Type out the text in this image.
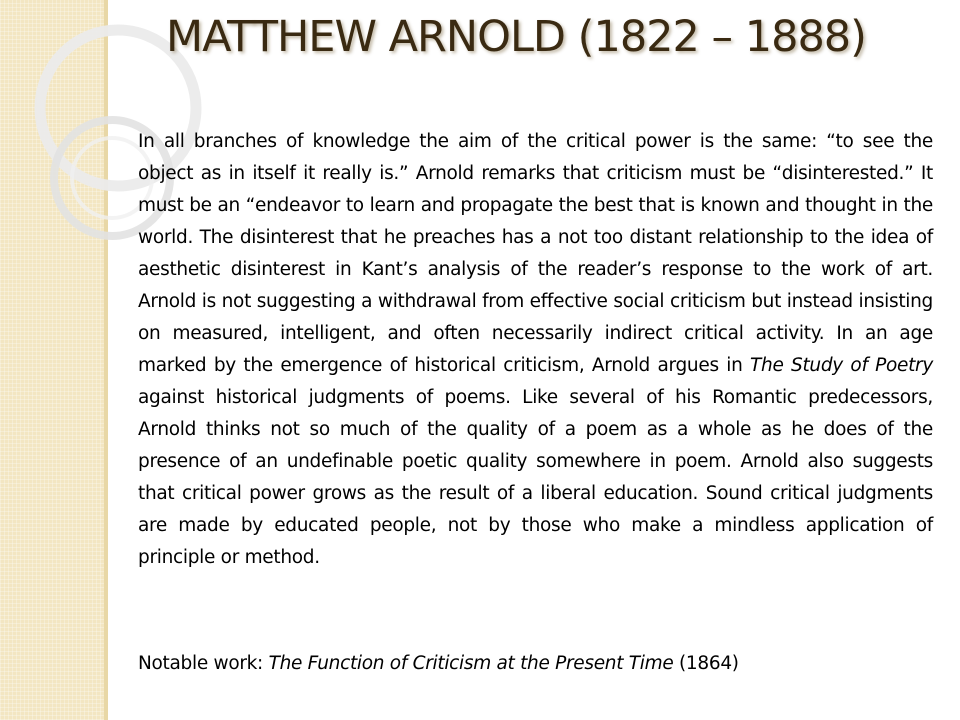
MATTHEW ARNOLD (1822 – 1888)

In all branches of knowledge the aim of the critical power is the same: “to see the object as in itself it really is.” Arnold remarks that criticism must be “disinterested.” It must be an “endeavor to learn and propagate the best that is known and thought in the world. The disinterest that he preaches has a not too distant relationship to the idea of aesthetic disinterest in Kant’s analysis of the reader’s response to the work of art. Arnold is not suggesting a withdrawal from effective social criticism but instead insisting on measured, intelligent, and often necessarily indirect critical activity. In an age marked by the emergence of historical criticism, Arnold argues in The Study of Poetry against historical judgments of poems. Like several of his Romantic predecessors, Arnold thinks not so much of the quality of a poem as a whole as he does of the presence of an undefinable poetic quality somewhere in poem. Arnold also suggests that critical power grows as the result of a liberal education. Sound critical judgments are made by educated people, not by those who make a mindless application of principle or method.

Notable work: The Function of Criticism at the Present Time (1864)
